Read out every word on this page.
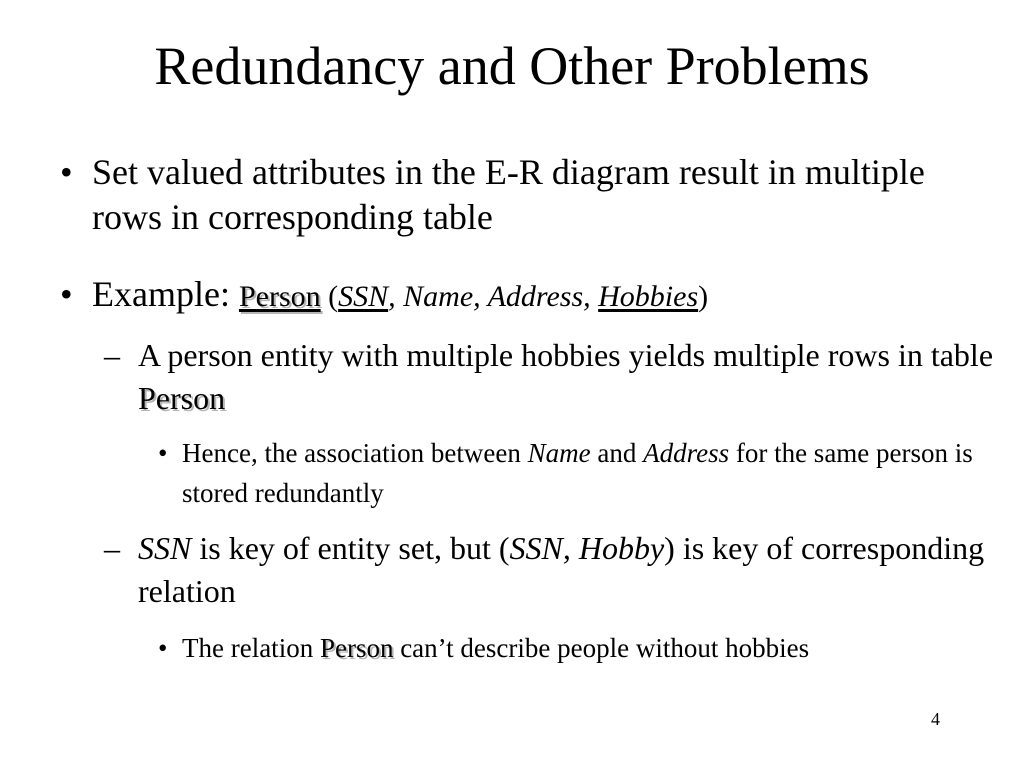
Redundancy and Other Problems
• Set valued attributes in the E-R diagram result in multiple rows in corresponding table
• Example: Person (SSN, Name, Address, Hobbies)
– A person entity with multiple hobbies yields multiple rows in table Person
• Hence, the association between Name and Address for the same person is stored redundantly
– SSN is key of entity set, but (SSN, Hobby) is key of corresponding relation
• The relation Person can’t describe people without hobbies
4
